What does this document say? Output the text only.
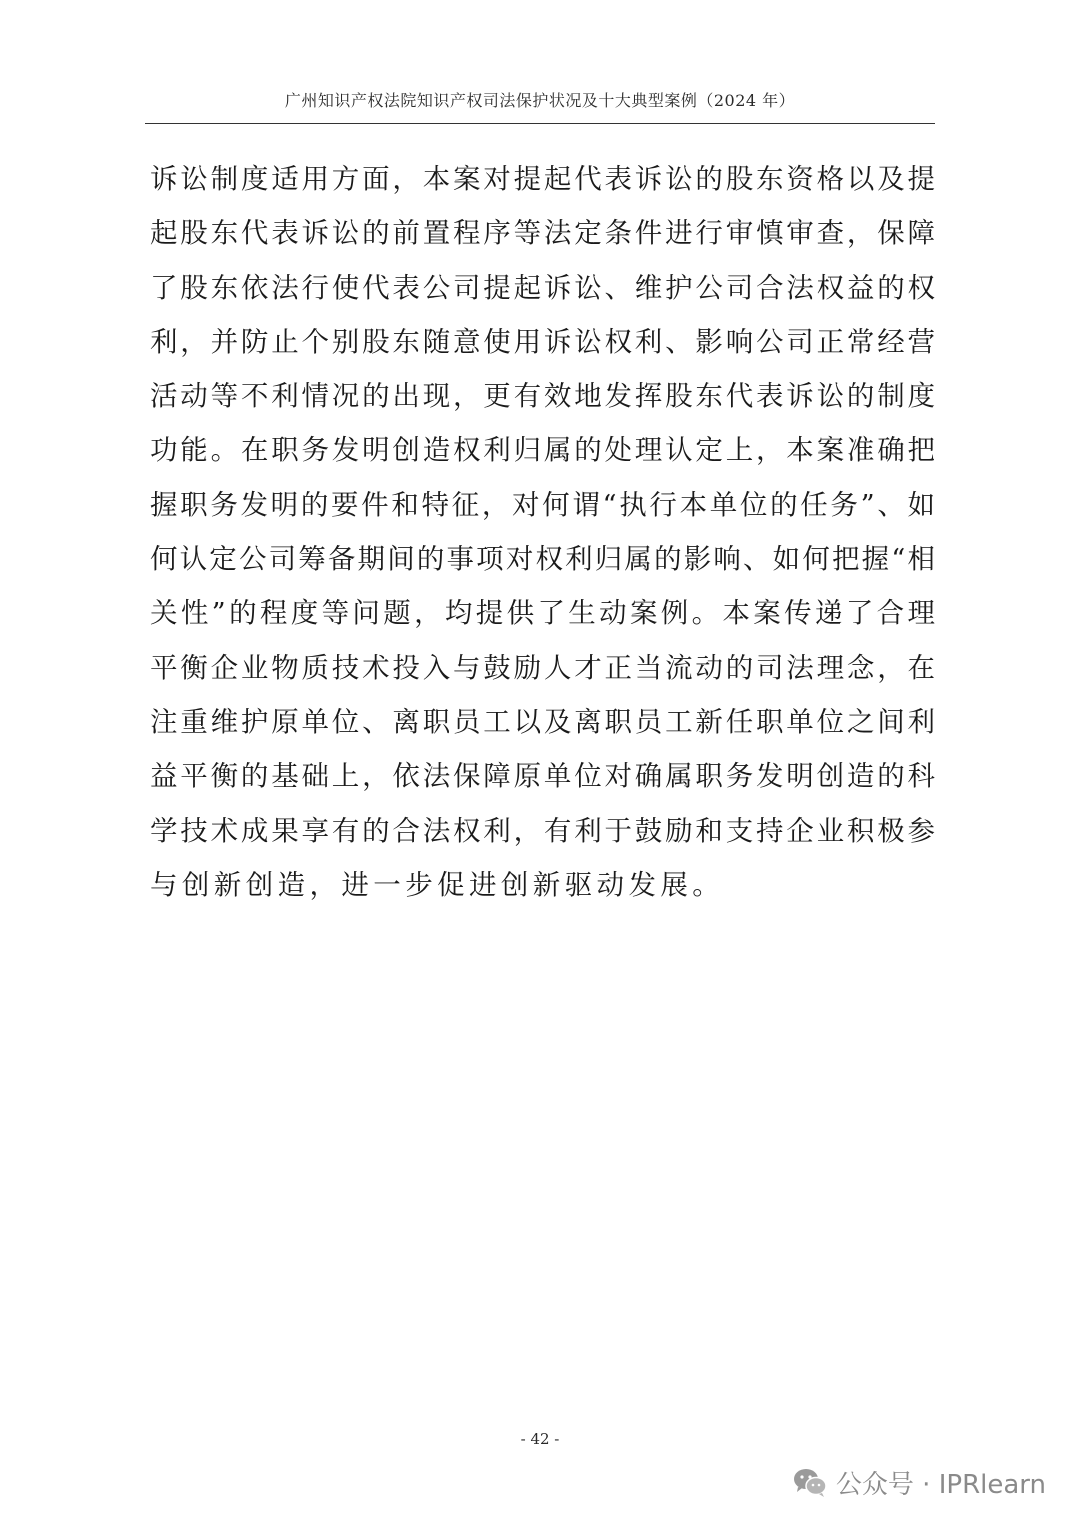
广州知识产权法院知识产权司法保护状况及十大典型案例（2024 年）
诉讼制度适用方面，本案对提起代表诉讼的股东资格以及提
起股东代表诉讼的前置程序等法定条件进行审慎审查，保障
了股东依法行使代表公司提起诉讼、维护公司合法权益的权
利，并防止个别股东随意使用诉讼权利、影响公司正常经营
活动等不利情况的出现，更有效地发挥股东代表诉讼的制度
功能。在职务发明创造权利归属的处理认定上，本案准确把
握职务发明的要件和特征，对何谓“执行本单位的任务”、如
何认定公司筹备期间的事项对权利归属的影响、如何把握“相
关性”的程度等问题，均提供了生动案例。本案传递了合理
平衡企业物质技术投入与鼓励人才正当流动的司法理念，在
注重维护原单位、离职员工以及离职员工新任职单位之间利
益平衡的基础上，依法保障原单位对确属职务发明创造的科
学技术成果享有的合法权利，有利于鼓励和支持企业积极参
与创新创造，进一步促进创新驱动发展。
- 42 -
公众号 · IPRlearn
